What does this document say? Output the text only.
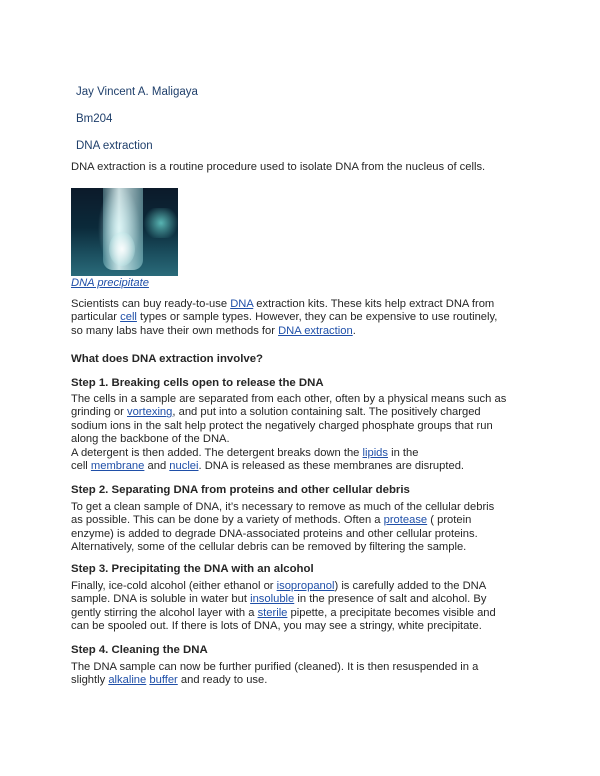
Jay Vincent A. Maligaya
Bm204
DNA extraction
DNA extraction is a routine procedure used to isolate DNA from the nucleus of cells.
DNA precipitate
Scientists can buy ready-to-use DNA extraction kits. These kits help extract DNA from
particular cell types or sample types. However, they can be expensive to use routinely,
so many labs have their own methods for DNA extraction.
What does DNA extraction involve?
Step 1. Breaking cells open to release the DNA
The cells in a sample are separated from each other, often by a physical means such as
grinding or vortexing, and put into a solution containing salt. The positively charged
sodium ions in the salt help protect the negatively charged phosphate groups that run
along the backbone of the DNA.
A detergent is then added. The detergent breaks down the lipids in the
cell membrane and nuclei. DNA is released as these membranes are disrupted.
Step 2. Separating DNA from proteins and other cellular debris
To get a clean sample of DNA, it’s necessary to remove as much of the cellular debris
as possible. This can be done by a variety of methods. Often a protease ( protein
enzyme) is added to degrade DNA-associated proteins and other cellular proteins.
Alternatively, some of the cellular debris can be removed by filtering the sample.
Step 3. Precipitating the DNA with an alcohol
Finally, ice-cold alcohol (either ethanol or isopropanol) is carefully added to the DNA
sample. DNA is soluble in water but insoluble in the presence of salt and alcohol. By
gently stirring the alcohol layer with a sterile pipette, a precipitate becomes visible and
can be spooled out. If there is lots of DNA, you may see a stringy, white precipitate.
Step 4. Cleaning the DNA
The DNA sample can now be further purified (cleaned). It is then resuspended in a
slightly alkaline buffer and ready to use.
